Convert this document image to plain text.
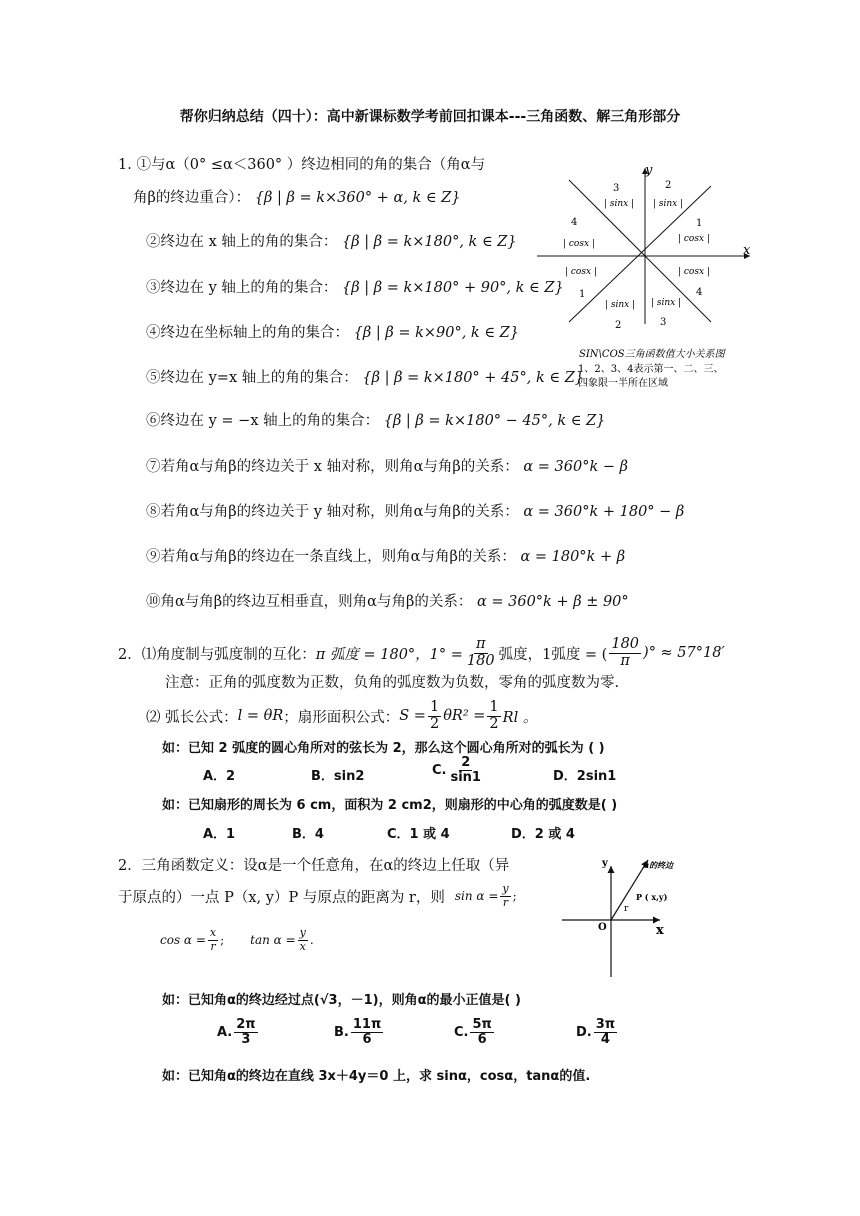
帮你归纳总结（四十）：高中新课标数学考前回扣课本---三角函数、解三角形部分
1. ①与α（0° ≤α＜360° ）终边相同的角的集合（角α与
角β的终边重合）： {β | β = k×360° + α, k ∈ Z}
②终边在 x 轴上的角的集合： {β | β = k×180°, k ∈ Z}
③终边在 y 轴上的角的集合： {β | β = k×180° + 90°, k ∈ Z}
④终边在坐标轴上的角的集合： {β | β = k×90°, k ∈ Z}
⑤终边在 y=x 轴上的角的集合： {β | β = k×180° + 45°, k ∈ Z}
⑥终边在 y = −x 轴上的角的集合： {β | β = k×180° − 45°, k ∈ Z}
⑦若角α与角β的终边关于 x 轴对称，则角α与角β的关系： α = 360°k − β
⑧若角α与角β的终边关于 y 轴对称，则角α与角β的关系： α = 360°k + 180° − β
⑨若角α与角β的终边在一条直线上，则角α与角β的关系： α = 180°k + β
⑩角α与角β的终边互相垂直，则角α与角β的关系： α = 360°k + β ± 90°
y
x
3
| sinx |
2
| sinx |
4
| cosx |
1
| cosx |
| cosx |
1
| cosx |
4
| sinx |
2
| sinx |
3
SIN\COS三角函数值大小关系图
1、2、3、4表示第一、二、三、
四象限一半所在区域
2．⑴角度制与弧度制的互化： π 弧度 = 180°，$1^\circ = \frac{\pi}{180}$ 弧度，1弧度 = ( $\frac{180}{\pi}$ )° ≈ 57°18′
注意：正角的弧度数为正数，负角的弧度数为负数，零角的弧度数为零.
⑵ 弧长公式： l = θR ；扇形面积公式： $S = \frac{1}{2} \theta R^2 = \frac{1}{2}$ Rl 。
如：已知 2 弧度的圆心角所对的弦长为 2，那么这个圆心角所对的弧长为 ( )
A．2	B．sin2	C. $\frac{2}{\sin 1}$	D．2sin1
如：已知扇形的周长为 6 cm，面积为 2 cm2，则扇形的中心角的弧度数是( )
A．1	B．4	C．1 或 4	D．2 或 4
2．三角函数定义：设α是一个任意角，在α的终边上任取（异
于原点的）一点 P（x, y）P 与原点的距离为 r，则 $\sin \alpha = \frac{y}{r}$ ;
$\cos \alpha = \frac{x}{r}$ ; $\tan \alpha = \frac{y}{x}$ .
y
x
O
r
P ( x,y)
a的终边
如：已知角α的终边经过点(√3，－1)，则角α的最小正值是( )
A. $\frac{2\pi}{3}$	B. $\frac{11\pi}{6}$	C. $\frac{5\pi}{6}$	D. $\frac{3\pi}{4}$
如：已知角α的终边在直线 3x＋4y＝0 上，求 sinα，cosα，tanα的值.
